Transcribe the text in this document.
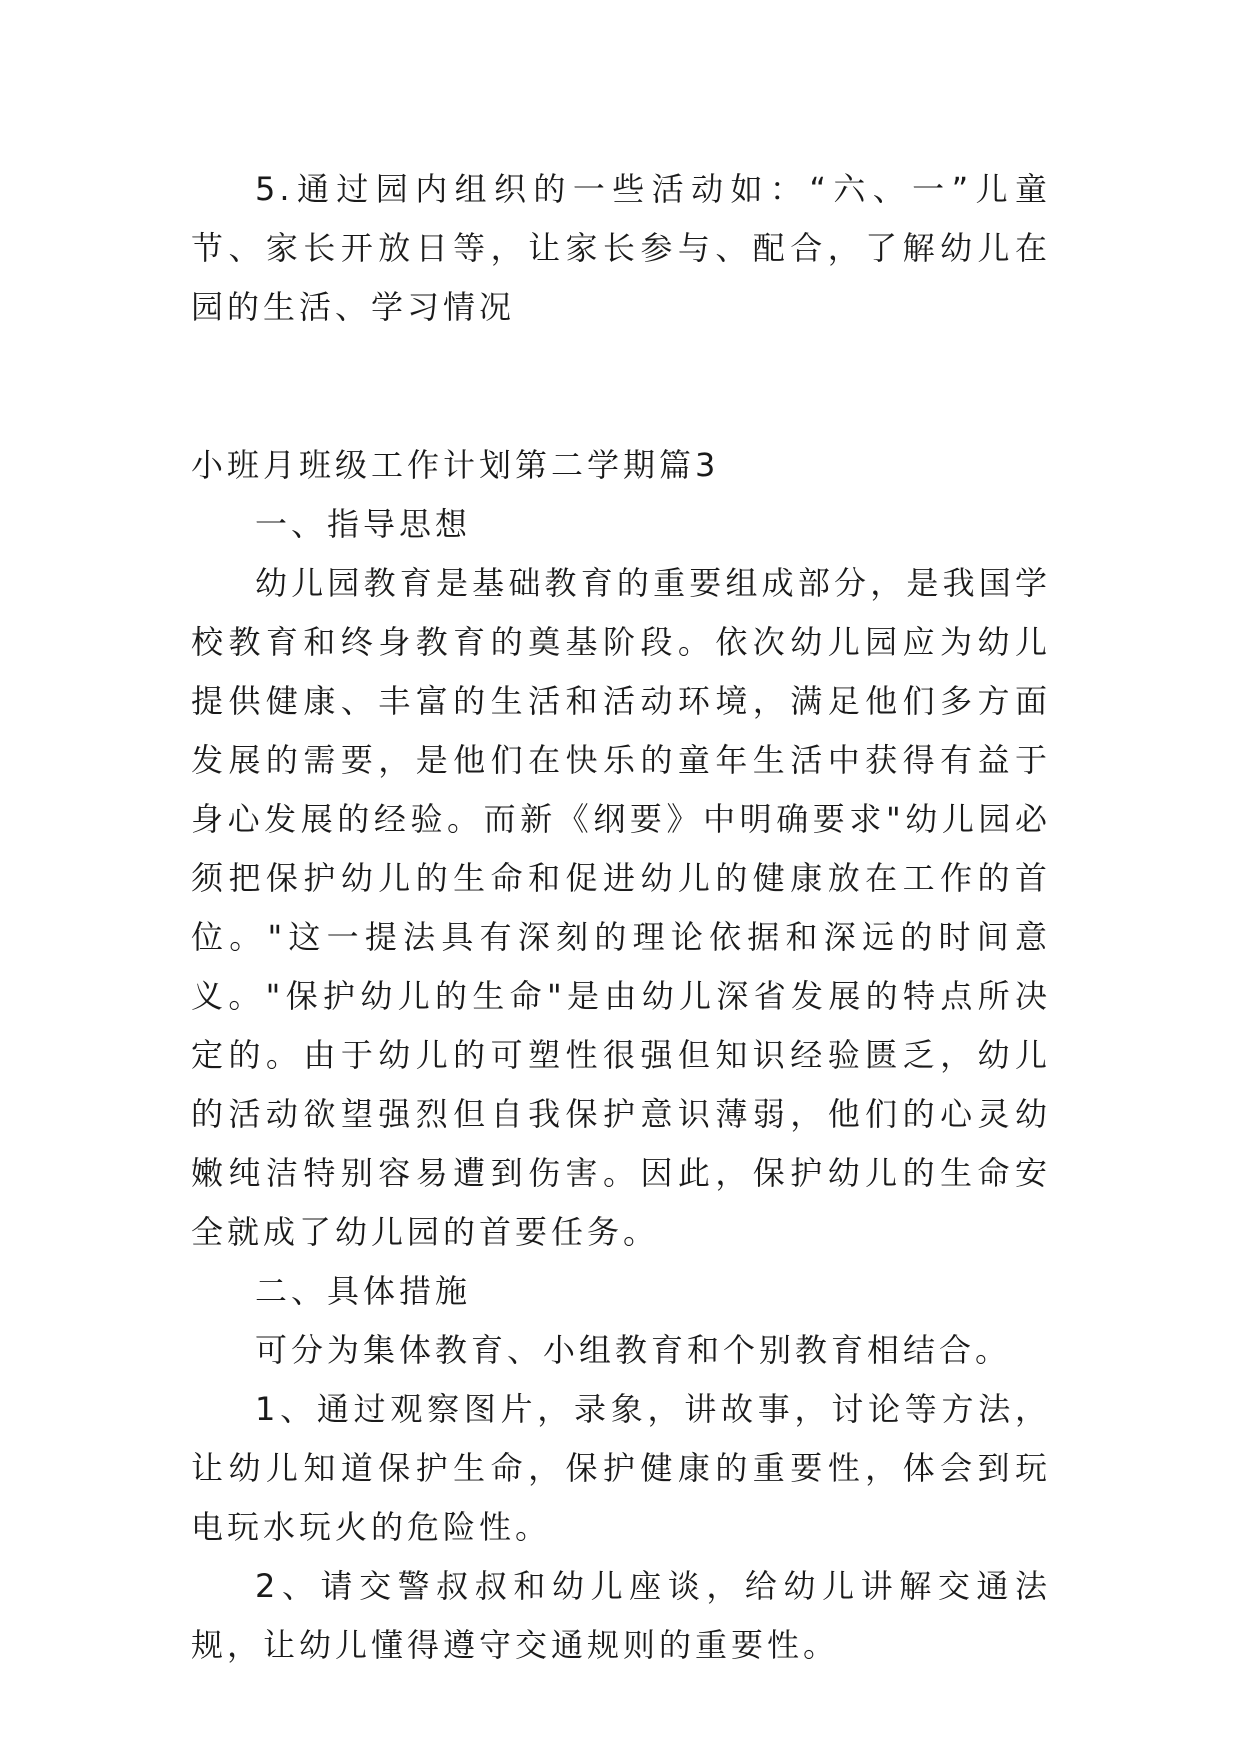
5.通过园内组织的一些活动如：“六、一”儿童节、家长开放日等，让家长参与、配合，了解幼儿在园的生活、学习情况

小班月班级工作计划第二学期篇3

一、指导思想

幼儿园教育是基础教育的重要组成部分，是我国学校教育和终身教育的奠基阶段。依次幼儿园应为幼儿提供健康、丰富的生活和活动环境，满足他们多方面发展的需要，是他们在快乐的童年生活中获得有益于身心发展的经验。而新《纲要》中明确要求"幼儿园必须把保护幼儿的生命和促进幼儿的健康放在工作的首位。"这一提法具有深刻的理论依据和深远的时间意义。"保护幼儿的生命"是由幼儿深省发展的特点所决定的。由于幼儿的可塑性很强但知识经验匮乏，幼儿的活动欲望强烈但自我保护意识薄弱，他们的心灵幼嫩纯洁特别容易遭到伤害。因此，保护幼儿的生命安全就成了幼儿园的首要任务。

二、具体措施

可分为集体教育、小组教育和个别教育相结合。

1、通过观察图片，录象，讲故事，讨论等方法，让幼儿知道保护生命，保护健康的重要性，体会到玩电玩水玩火的危险性。

2、请交警叔叔和幼儿座谈，给幼儿讲解交通法规，让幼儿懂得遵守交通规则的重要性。
